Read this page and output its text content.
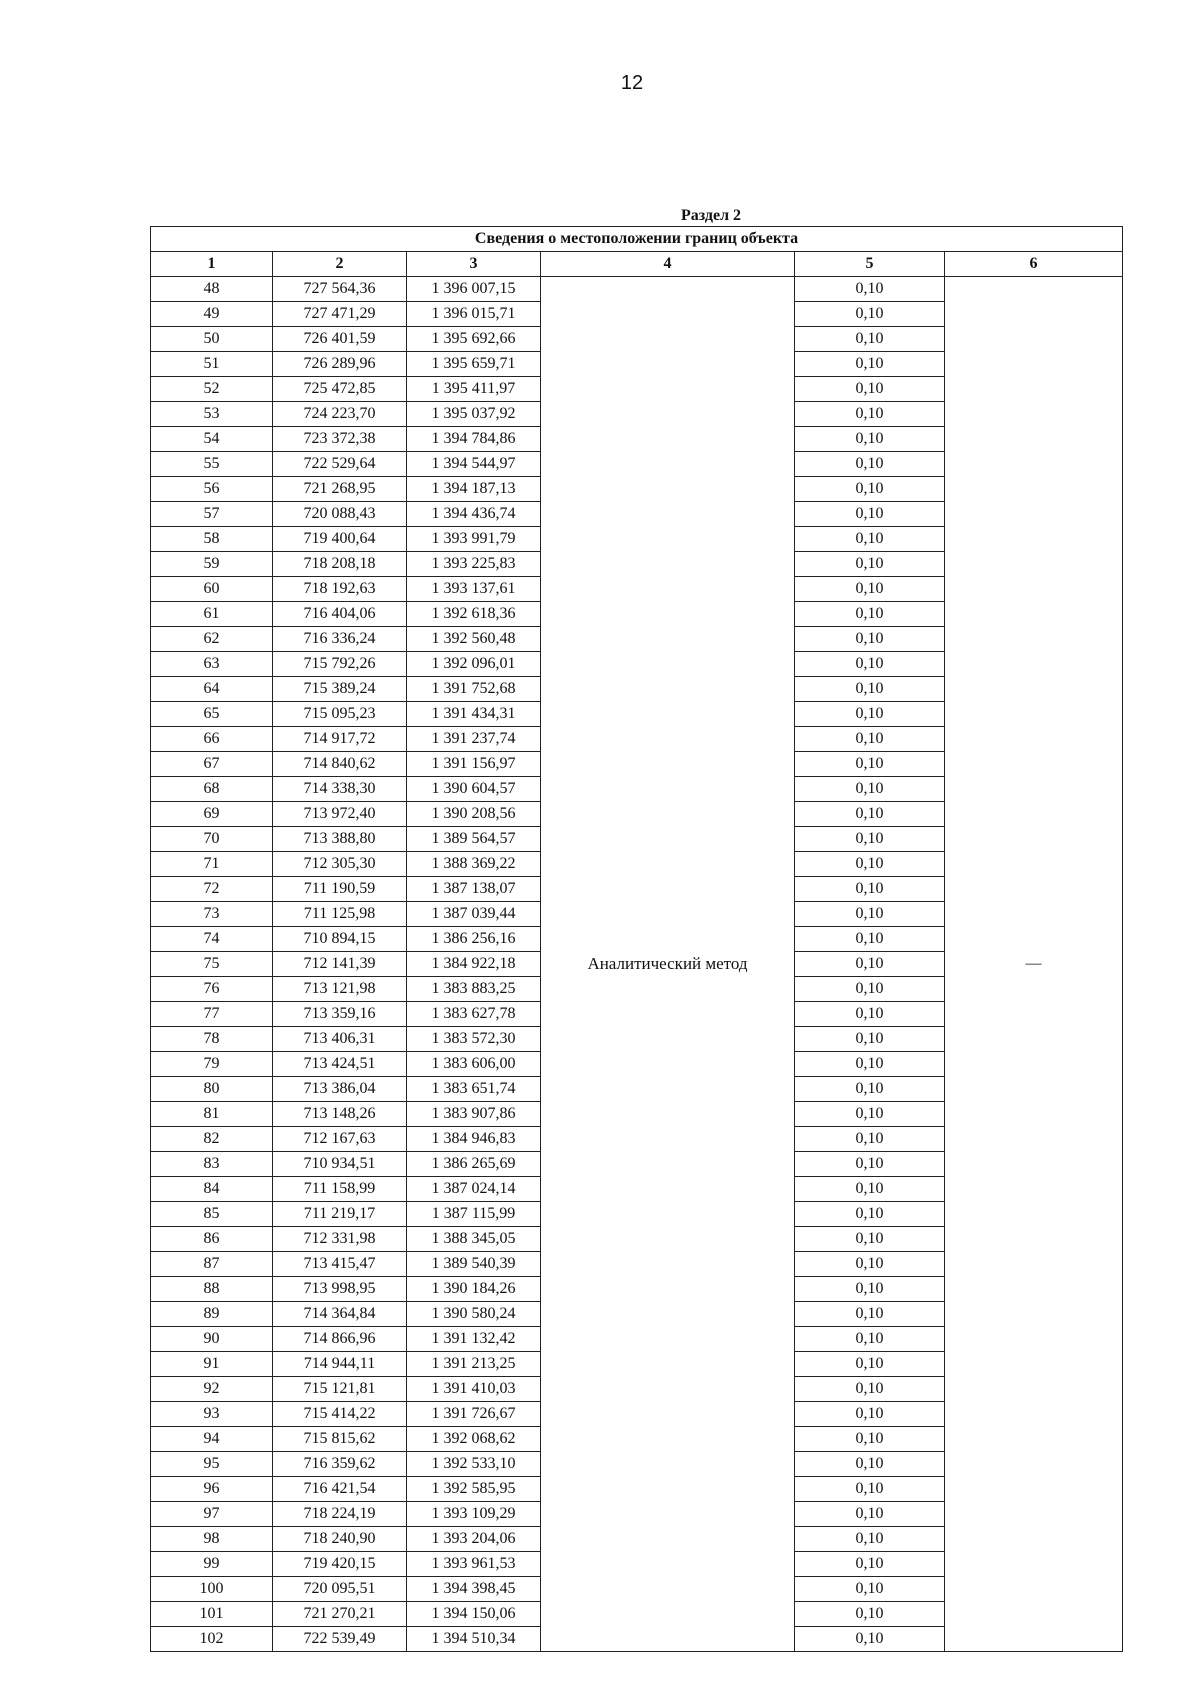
12
Раздел 2
Сведения о местоположении границ объекта					
1	2	3	4	5	6
48	727 564,36	1 396 007,15	Аналитический метод	0,10	—
49	727 471,29	1 396 015,71		0,10	
50	726 401,59	1 395 692,66		0,10	
51	726 289,96	1 395 659,71		0,10	
52	725 472,85	1 395 411,97		0,10	
53	724 223,70	1 395 037,92		0,10	
54	723 372,38	1 394 784,86		0,10	
55	722 529,64	1 394 544,97		0,10	
56	721 268,95	1 394 187,13		0,10	
57	720 088,43	1 394 436,74		0,10	
58	719 400,64	1 393 991,79		0,10	
59	718 208,18	1 393 225,83		0,10	
60	718 192,63	1 393 137,61		0,10	
61	716 404,06	1 392 618,36		0,10	
62	716 336,24	1 392 560,48		0,10	
63	715 792,26	1 392 096,01		0,10	
64	715 389,24	1 391 752,68		0,10	
65	715 095,23	1 391 434,31		0,10	
66	714 917,72	1 391 237,74		0,10	
67	714 840,62	1 391 156,97		0,10	
68	714 338,30	1 390 604,57		0,10	
69	713 972,40	1 390 208,56		0,10	
70	713 388,80	1 389 564,57		0,10	
71	712 305,30	1 388 369,22		0,10	
72	711 190,59	1 387 138,07		0,10	
73	711 125,98	1 387 039,44		0,10	
74	710 894,15	1 386 256,16		0,10	
75	712 141,39	1 384 922,18		0,10	
76	713 121,98	1 383 883,25		0,10	
77	713 359,16	1 383 627,78		0,10	
78	713 406,31	1 383 572,30		0,10	
79	713 424,51	1 383 606,00		0,10	
80	713 386,04	1 383 651,74		0,10	
81	713 148,26	1 383 907,86		0,10	
82	712 167,63	1 384 946,83		0,10	
83	710 934,51	1 386 265,69		0,10	
84	711 158,99	1 387 024,14		0,10	
85	711 219,17	1 387 115,99		0,10	
86	712 331,98	1 388 345,05		0,10	
87	713 415,47	1 389 540,39		0,10	
88	713 998,95	1 390 184,26		0,10	
89	714 364,84	1 390 580,24		0,10	
90	714 866,96	1 391 132,42		0,10	
91	714 944,11	1 391 213,25		0,10	
92	715 121,81	1 391 410,03		0,10	
93	715 414,22	1 391 726,67		0,10	
94	715 815,62	1 392 068,62		0,10	
95	716 359,62	1 392 533,10		0,10	
96	716 421,54	1 392 585,95		0,10	
97	718 224,19	1 393 109,29		0,10	
98	718 240,90	1 393 204,06		0,10	
99	719 420,15	1 393 961,53		0,10	
100	720 095,51	1 394 398,45		0,10	
101	721 270,21	1 394 150,06		0,10	
102	722 539,49	1 394 510,34		0,10	
